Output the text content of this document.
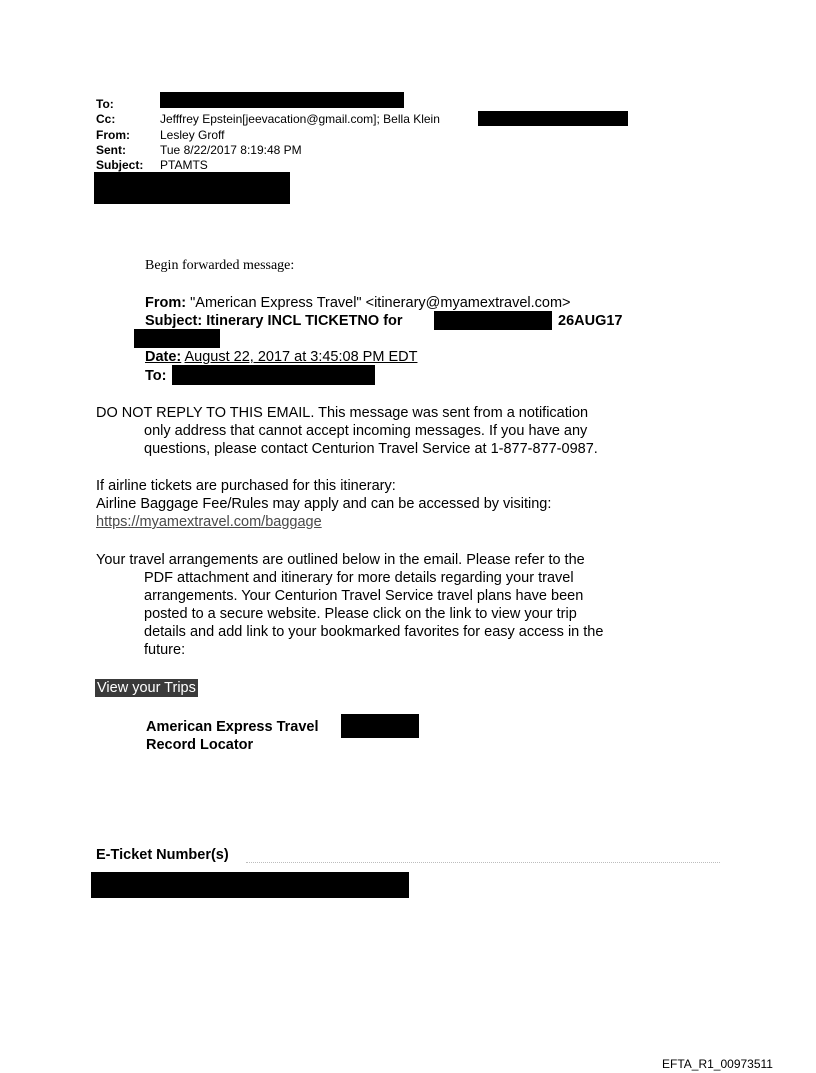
To:
Cc:	Jefffrey Epstein[jeevacation@gmail.com]; Bella Klein
From:	Lesley Groff
Sent:	Tue 8/22/2017 8:19:48 PM
Subject: PTAMTS
Begin forwarded message:
From: "American Express Travel" <itinerary@myamextravel.com>
Subject: Itinerary INCL TICKETNO for	26AUG17
Date: August 22, 2017 at 3:45:08 PM EDT
To:
DO NOT REPLY TO THIS EMAIL. This message was sent from a notification
only address that cannot accept incoming messages. If you have any
questions, please contact Centurion Travel Service at 1-877-877-0987.
If airline tickets are purchased for this itinerary:
Airline Baggage Fee/Rules may apply and can be accessed by visiting:
https://myamextravel.com/baggage
Your travel arrangements are outlined below in the email. Please refer to the
PDF attachment and itinerary for more details regarding your travel
arrangements. Your Centurion Travel Service travel plans have been
posted to a secure website. Please click on the link to view your trip
details and add link to your bookmarked favorites for easy access in the
future:
View your Trips
American Express Travel
Record Locator
E-Ticket Number(s)
EFTA_R1_00973511
